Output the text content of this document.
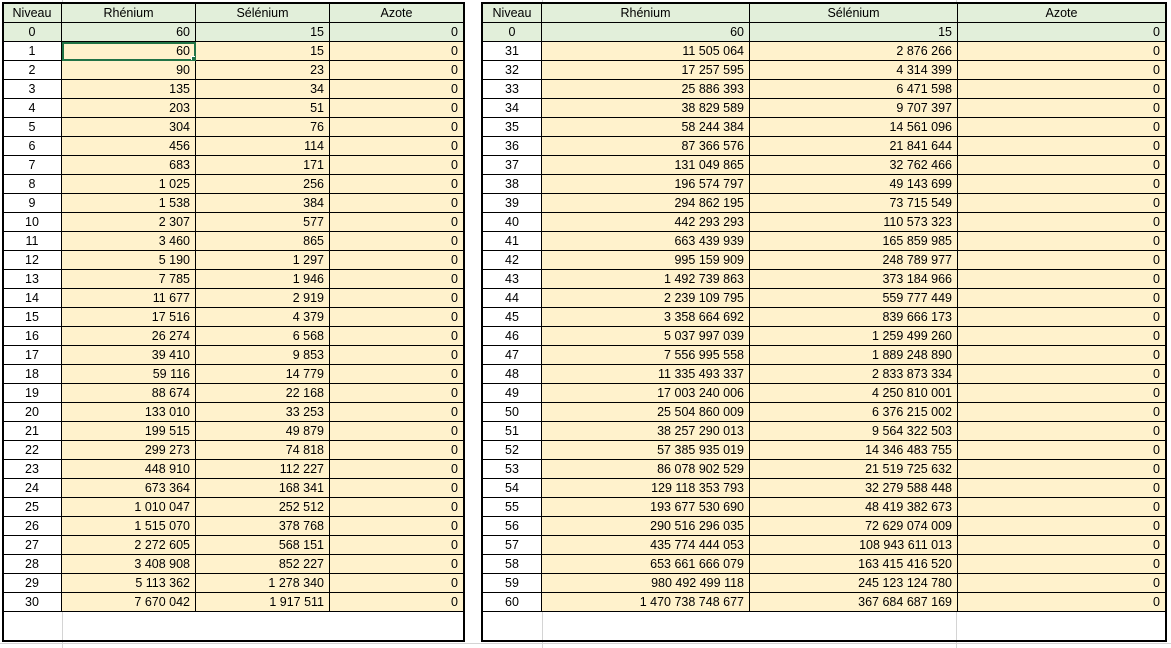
Niveau	Rhénium	Sélénium	Azote
0	60	15	0
1	60	15	0
2	90	23	0
3	135	34	0
4	203	51	0
5	304	76	0
6	456	114	0
7	683	171	0
8	1 025	256	0
9	1 538	384	0
10	2 307	577	0
11	3 460	865	0
12	5 190	1 297	0
13	7 785	1 946	0
14	11 677	2 919	0
15	17 516	4 379	0
16	26 274	6 568	0
17	39 410	9 853	0
18	59 116	14 779	0
19	88 674	22 168	0
20	133 010	33 253	0
21	199 515	49 879	0
22	299 273	74 818	0
23	448 910	112 227	0
24	673 364	168 341	0
25	1 010 047	252 512	0
26	1 515 070	378 768	0
27	2 272 605	568 151	0
28	3 408 908	852 227	0
29	5 113 362	1 278 340	0
30	7 670 042	1 917 511	0
Niveau	Rhénium	Sélénium	Azote
0	60	15	0
31	11 505 064	2 876 266	0
32	17 257 595	4 314 399	0
33	25 886 393	6 471 598	0
34	38 829 589	9 707 397	0
35	58 244 384	14 561 096	0
36	87 366 576	21 841 644	0
37	131 049 865	32 762 466	0
38	196 574 797	49 143 699	0
39	294 862 195	73 715 549	0
40	442 293 293	110 573 323	0
41	663 439 939	165 859 985	0
42	995 159 909	248 789 977	0
43	1 492 739 863	373 184 966	0
44	2 239 109 795	559 777 449	0
45	3 358 664 692	839 666 173	0
46	5 037 997 039	1 259 499 260	0
47	7 556 995 558	1 889 248 890	0
48	11 335 493 337	2 833 873 334	0
49	17 003 240 006	4 250 810 001	0
50	25 504 860 009	6 376 215 002	0
51	38 257 290 013	9 564 322 503	0
52	57 385 935 019	14 346 483 755	0
53	86 078 902 529	21 519 725 632	0
54	129 118 353 793	32 279 588 448	0
55	193 677 530 690	48 419 382 673	0
56	290 516 296 035	72 629 074 009	0
57	435 774 444 053	108 943 611 013	0
58	653 661 666 079	163 415 416 520	0
59	980 492 499 118	245 123 124 780	0
60	1 470 738 748 677	367 684 687 169	0
